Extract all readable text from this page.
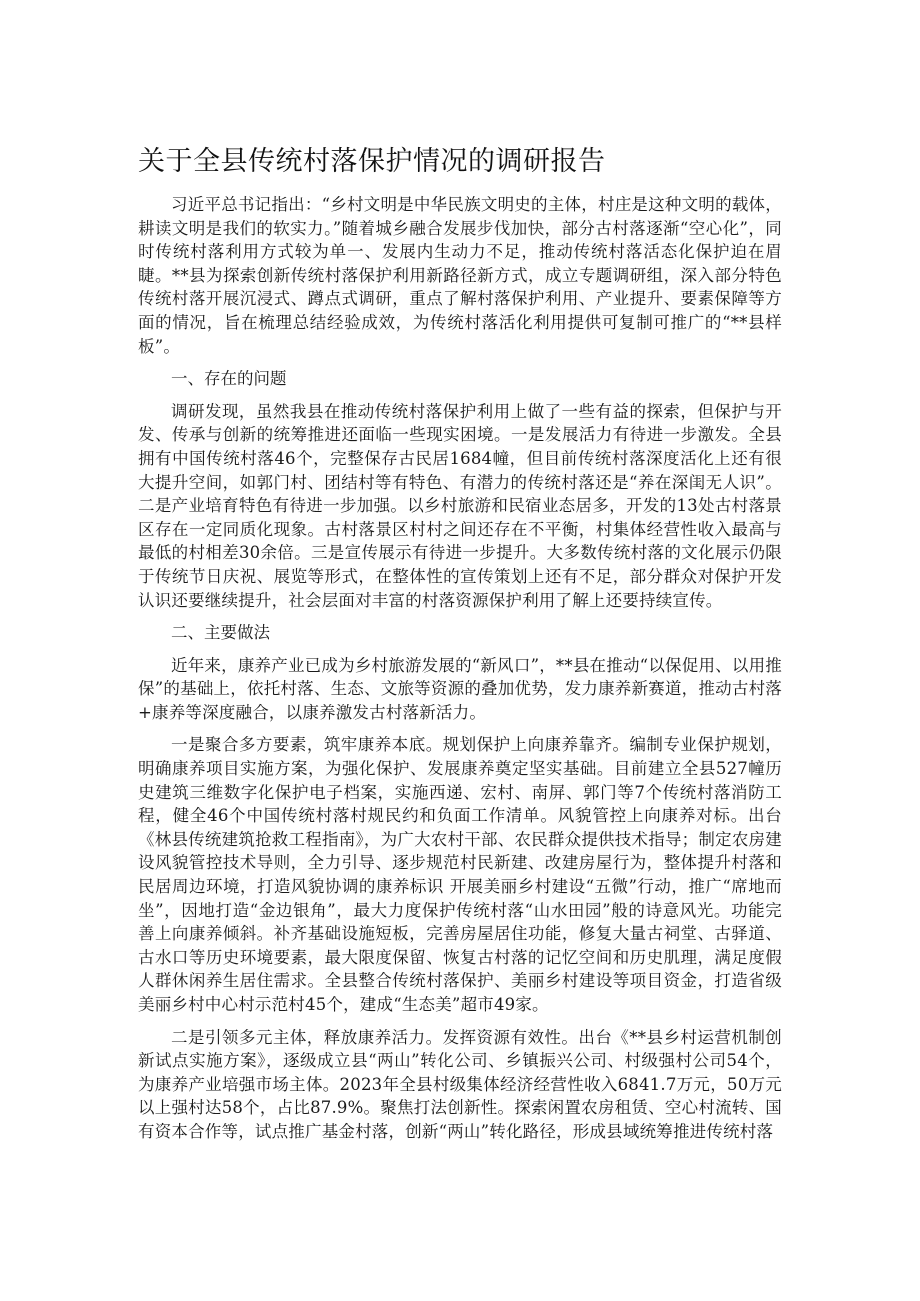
关于全县传统村落保护情况的调研报告

习近平总书记指出：“乡村文明是中华民族文明史的主体，村庄是这种文明的载体，耕读文明是我们的软实力。”随着城乡融合发展步伐加快，部分古村落逐渐“空心化”，同时传统村落利用方式较为单一、发展内生动力不足，推动传统村落活态化保护迫在眉睫。**县为探索创新传统村落保护利用新路径新方式，成立专题调研组，深入部分特色传统村落开展沉浸式、蹲点式调研，重点了解村落保护利用、产业提升、要素保障等方面的情况，旨在梳理总结经验成效，为传统村落活化利用提供可复制可推广的“**县样板”。

一、存在的问题

调研发现，虽然我县在推动传统村落保护利用上做了一些有益的探索，但保护与开发、传承与创新的统筹推进还面临一些现实困境。一是发展活力有待进一步激发。全县拥有中国传统村落46个，完整保存古民居1684幢，但目前传统村落深度活化上还有很大提升空间，如郭门村、团结村等有特色、有潜力的传统村落还是“养在深闺无人识”。二是产业培育特色有待进一步加强。以乡村旅游和民宿业态居多，开发的13处古村落景区存在一定同质化现象。古村落景区村村之间还存在不平衡，村集体经营性收入最高与最低的村相差30余倍。三是宣传展示有待进一步提升。大多数传统村落的文化展示仍限于传统节日庆祝、展览等形式，在整体性的宣传策划上还有不足，部分群众对保护开发认识还要继续提升，社会层面对丰富的村落资源保护利用了解上还要持续宣传。

二、主要做法

近年来，康养产业已成为乡村旅游发展的“新风口”，**县在推动“以保促用、以用推保”的基础上，依托村落、生态、文旅等资源的叠加优势，发力康养新赛道，推动古村落+康养等深度融合，以康养激发古村落新活力。

一是聚合多方要素，筑牢康养本底。规划保护上向康养靠齐。编制专业保护规划，明确康养项目实施方案，为强化保护、发展康养奠定坚实基础。目前建立全县527幢历史建筑三维数字化保护电子档案，实施西递、宏村、南屏、郭门等7个传统村落消防工程，健全46个中国传统村落村规民约和负面工作清单。风貌管控上向康养对标。出台《林县传统建筑抢救工程指南》，为广大农村干部、农民群众提供技术指导；制定农房建设风貌管控技术导则，全力引导、逐步规范村民新建、改建房屋行为，整体提升村落和民居周边环境，打造风貌协调的康养标识 开展美丽乡村建设“五微”行动，推广“席地而坐”，因地打造“金边银角”，最大力度保护传统村落“山水田园”般的诗意风光。功能完善上向康养倾斜。补齐基础设施短板，完善房屋居住功能，修复大量古祠堂、古驿道、古水口等历史环境要素，最大限度保留、恢复古村落的记忆空间和历史肌理，满足度假人群休闲养生居住需求。全县整合传统村落保护、美丽乡村建设等项目资金，打造省级美丽乡村中心村示范村45个，建成“生态美”超市49家。

二是引领多元主体，释放康养活力。发挥资源有效性。出台《**县乡村运营机制创新试点实施方案》，逐级成立县“两山”转化公司、乡镇振兴公司、村级强村公司54个，为康养产业培强市场主体。2023年全县村级集体经济经营性收入6841.7万元，50万元以上强村达58个，占比87.9%。聚焦打法创新性。探索闲置农房租赁、空心村流转、国有资本合作等，试点推广基金村落，创新“两山”转化路径，形成县域统筹推进传统村落
